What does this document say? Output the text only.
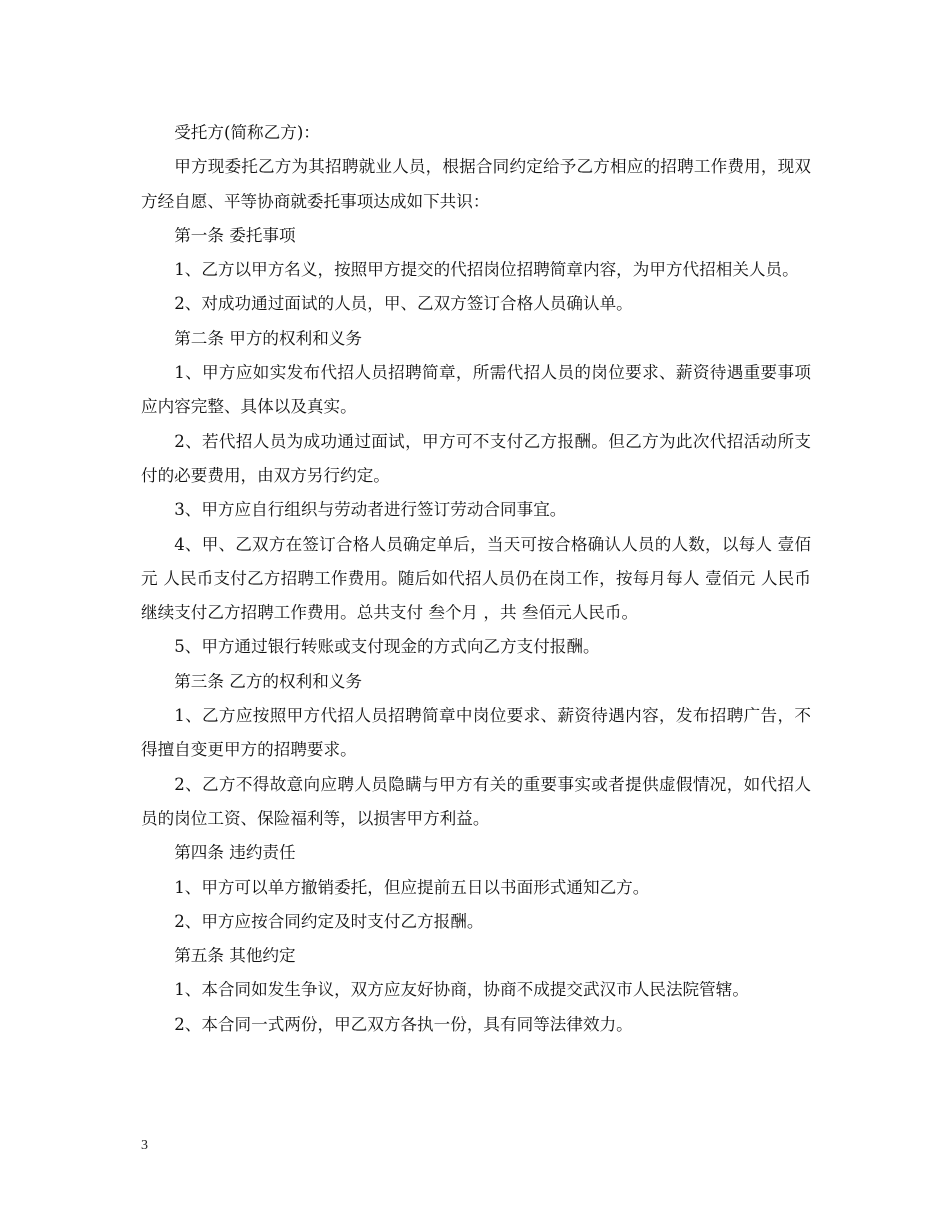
受托方(简称乙方)：

甲方现委托乙方为其招聘就业人员，根据合同约定给予乙方相应的招聘工作费用，现双方经自愿、平等协商就委托事项达成如下共识：

第一条 委托事项

1、乙方以甲方名义，按照甲方提交的代招岗位招聘简章内容，为甲方代招相关人员。

2、对成功通过面试的人员，甲、乙双方签订合格人员确认单。

第二条 甲方的权利和义务

1、甲方应如实发布代招人员招聘简章，所需代招人员的岗位要求、薪资待遇重要事项应内容完整、具体以及真实。

2、若代招人员为成功通过面试，甲方可不支付乙方报酬。但乙方为此次代招活动所支付的必要费用，由双方另行约定。

3、甲方应自行组织与劳动者进行签订劳动合同事宜。

4、甲、乙双方在签订合格人员确定单后，当天可按合格确认人员的人数，以每人 壹佰元 人民币支付乙方招聘工作费用。随后如代招人员仍在岗工作，按每月每人 壹佰元 人民币继续支付乙方招聘工作费用。总共支付 叁个月 ，共 叁佰元人民币。

5、甲方通过银行转账或支付现金的方式向乙方支付报酬。

第三条 乙方的权利和义务

1、乙方应按照甲方代招人员招聘简章中岗位要求、薪资待遇内容，发布招聘广告，不得擅自变更甲方的招聘要求。

2、乙方不得故意向应聘人员隐瞒与甲方有关的重要事实或者提供虚假情况，如代招人员的岗位工资、保险福利等，以损害甲方利益。

第四条 违约责任

1、甲方可以单方撤销委托，但应提前五日以书面形式通知乙方。

2、甲方应按合同约定及时支付乙方报酬。

第五条 其他约定

1、本合同如发生争议，双方应友好协商，协商不成提交武汉市人民法院管辖。

2、本合同一式两份，甲乙双方各执一份，具有同等法律效力。

3
